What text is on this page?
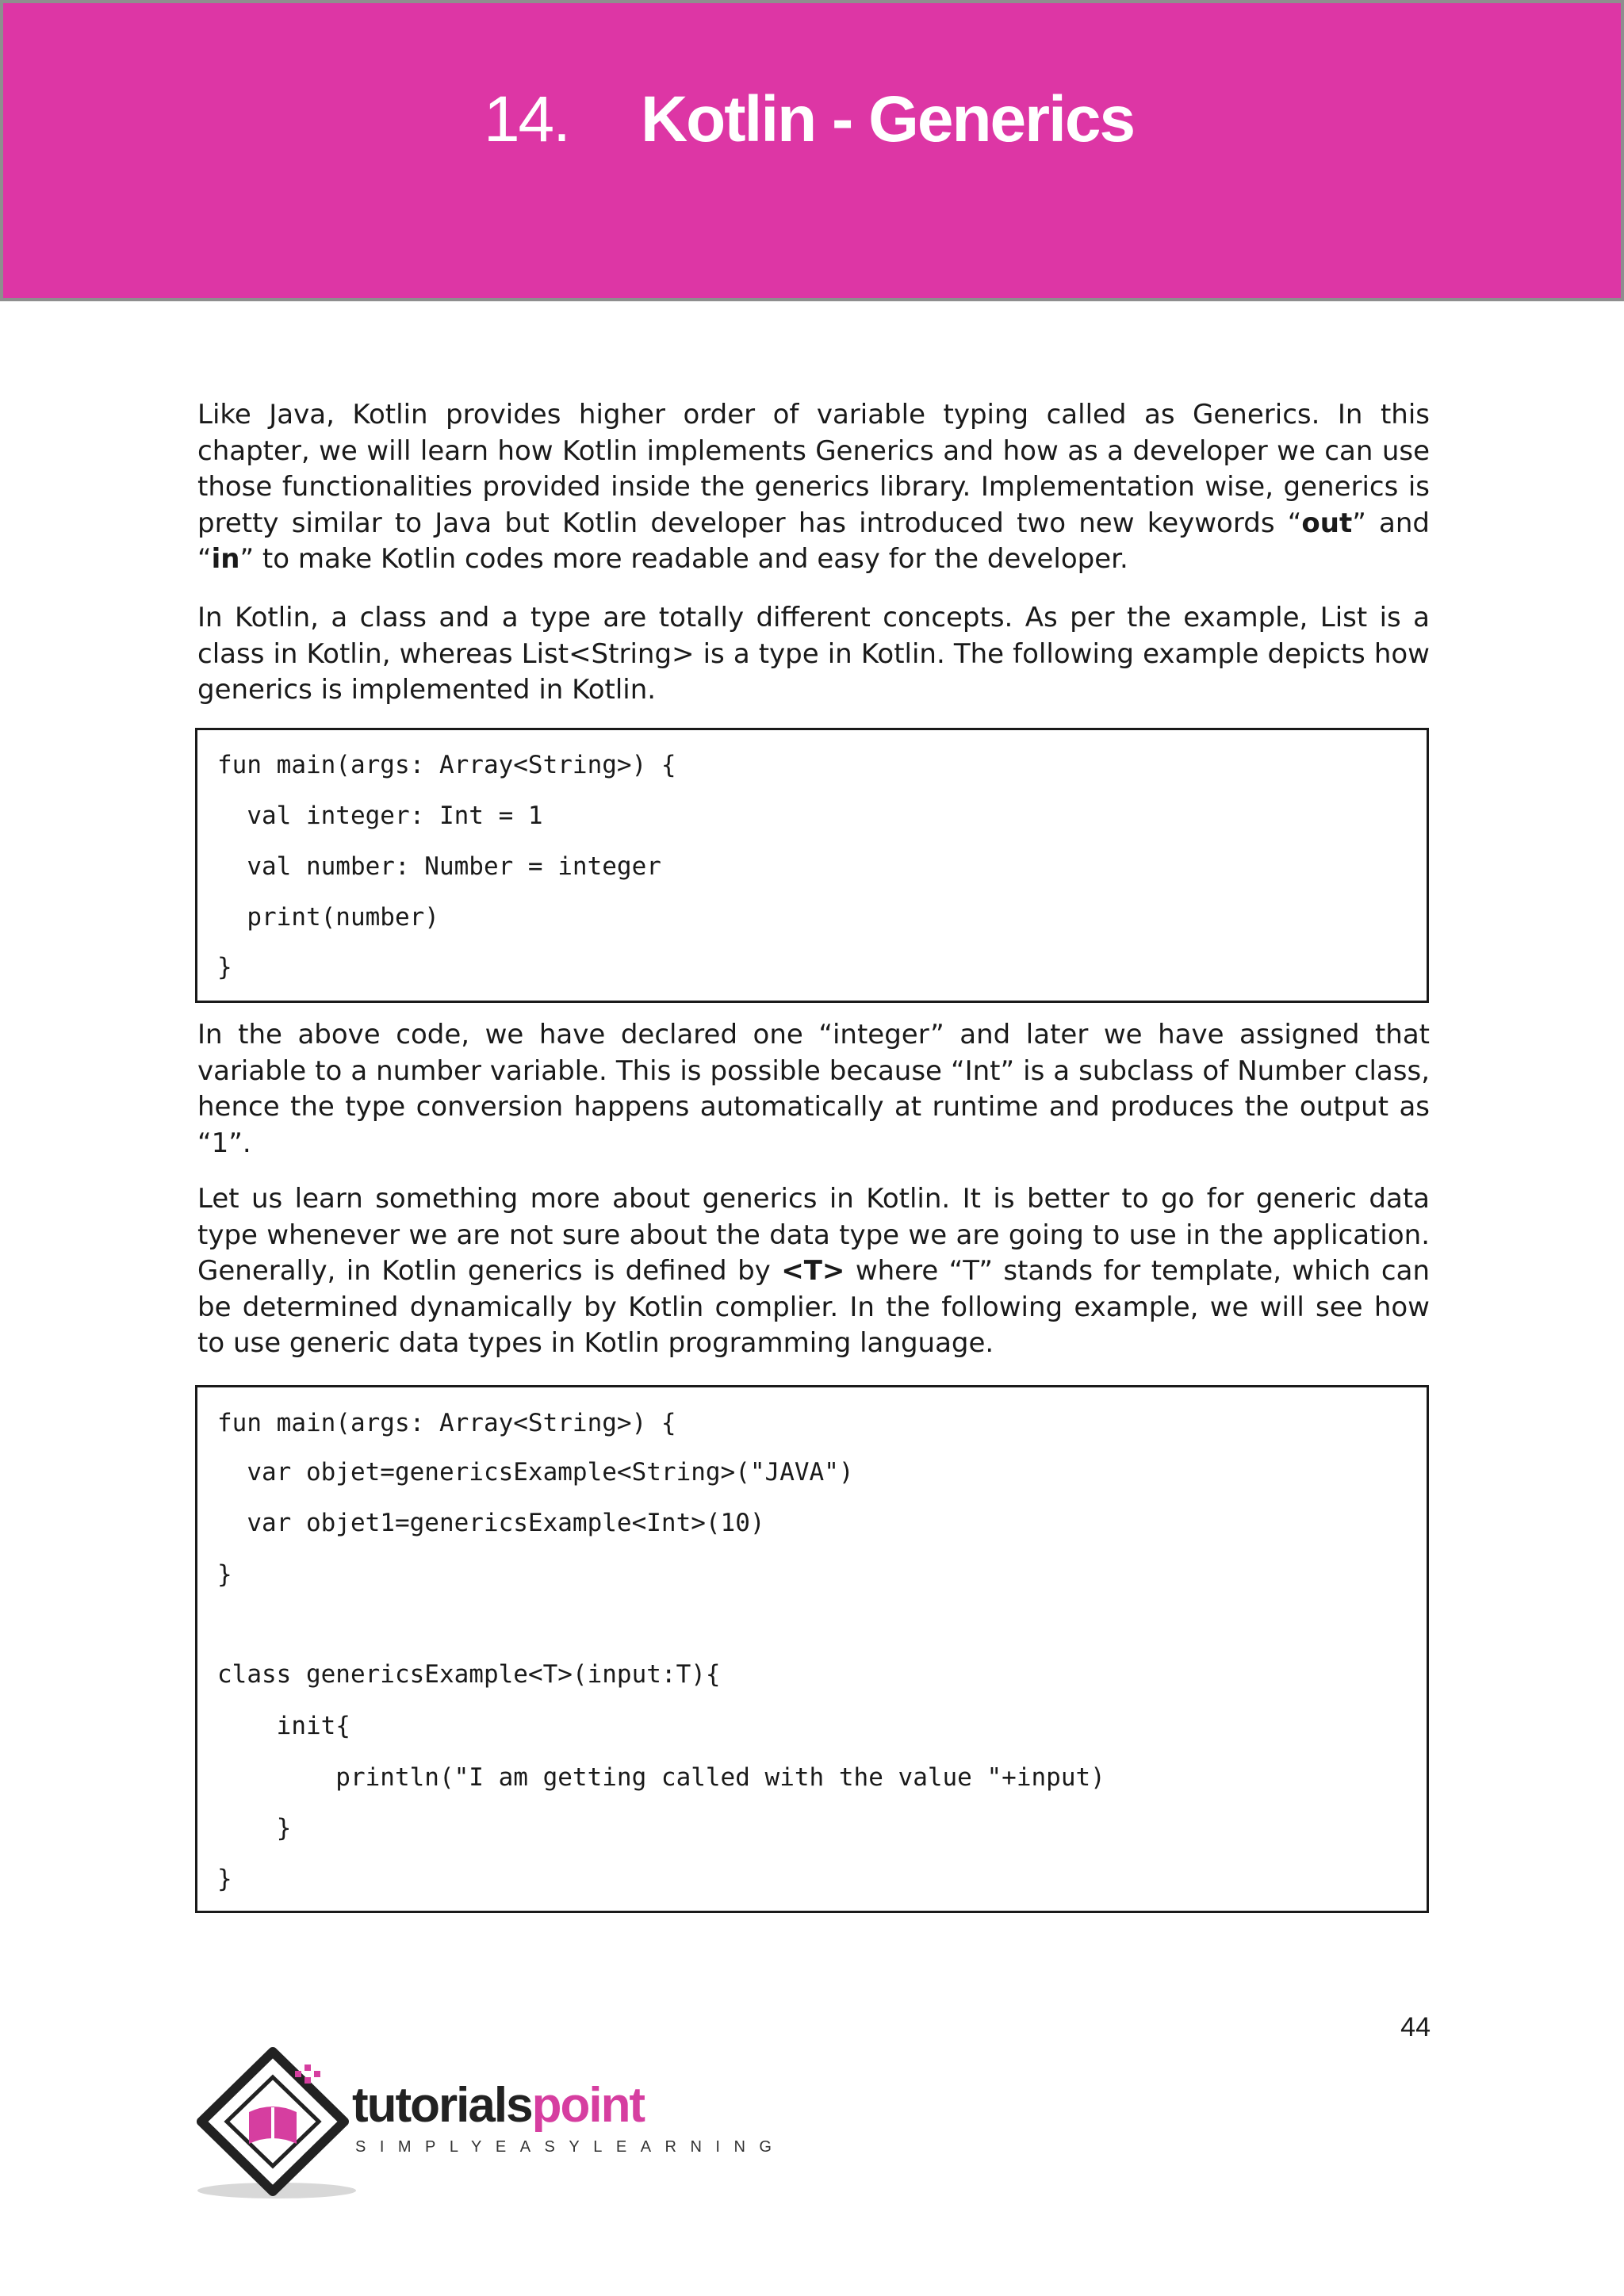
14. Kotlin - Generics

Like Java, Kotlin provides higher order of variable typing called as Generics. In this chapter, we will learn how Kotlin implements Generics and how as a developer we can use those functionalities provided inside the generics library. Implementation wise, generics is pretty similar to Java but Kotlin developer has introduced two new keywords “out” and “in” to make Kotlin codes more readable and easy for the developer.

In Kotlin, a class and a type are totally different concepts. As per the example, List is a class in Kotlin, whereas List<String> is a type in Kotlin. The following example depicts how generics is implemented in Kotlin.

fun main(args: Array<String>) {
val integer: Int = 1
val number: Number = integer
print(number)
}

In the above code, we have declared one “integer” and later we have assigned that variable to a number variable. This is possible because “Int” is a subclass of Number class, hence the type conversion happens automatically at runtime and produces the output as “1”.

Let us learn something more about generics in Kotlin. It is better to go for generic data type whenever we are not sure about the data type we are going to use in the application. Generally, in Kotlin generics is defined by <T> where “T” stands for template, which can be determined dynamically by Kotlin complier. In the following example, we will see how to use generic data types in Kotlin programming language.

fun main(args: Array<String>) {
var objet=genericsExample<String>("JAVA")
var objet1=genericsExample<Int>(10)
}
class genericsExample<T>(input:T){
init{
println("I am getting called with the value "+input)
}
}
44
tutorialspoint
SIMPLYEASYLEARNING
